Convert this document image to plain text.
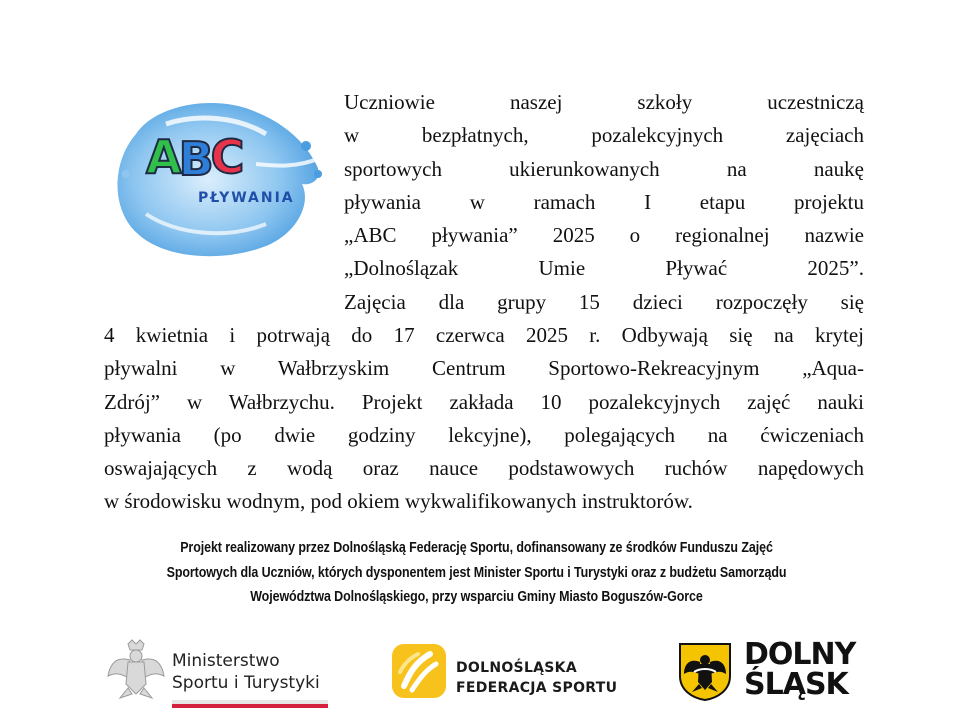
ABC
PŁYWANIA
Uczniowie naszej szkoły uczestniczą
w bezpłatnych, pozalekcyjnych zajęciach
sportowych ukierunkowanych na naukę
pływania w ramach I etapu projektu
„ABC pływania” 2025 o regionalnej nazwie
„Dolnoślązak Umie Pływać 2025”.
Zajęcia dla grupy 15 dzieci rozpoczęły się
4 kwietnia i potrwają do 17 czerwca 2025 r. Odbywają się na krytej
pływalni w Wałbrzyskim Centrum Sportowo-Rekreacyjnym „Aqua-
Zdrój” w Wałbrzychu. Projekt zakłada 10 pozalekcyjnych zajęć nauki
pływania (po dwie godziny lekcyjne), polegających na ćwiczeniach
oswajających z wodą oraz nauce podstawowych ruchów napędowych
w środowisku wodnym, pod okiem wykwalifikowanych instruktorów.
Projekt realizowany przez Dolnośląską Federację Sportu, dofinansowany ze środków Funduszu Zajęć
Sportowych dla Uczniów, których dysponentem jest Minister Sportu i Turystyki oraz z budżetu Samorządu
Województwa Dolnośląskiego, przy wsparciu Gminy Miasto Boguszów-Gorce
Ministerstwo
Sportu i Turystyki
DOLNOŚLĄSKA
FEDERACJA SPORTU
DOLNY
ŚLĄSK
